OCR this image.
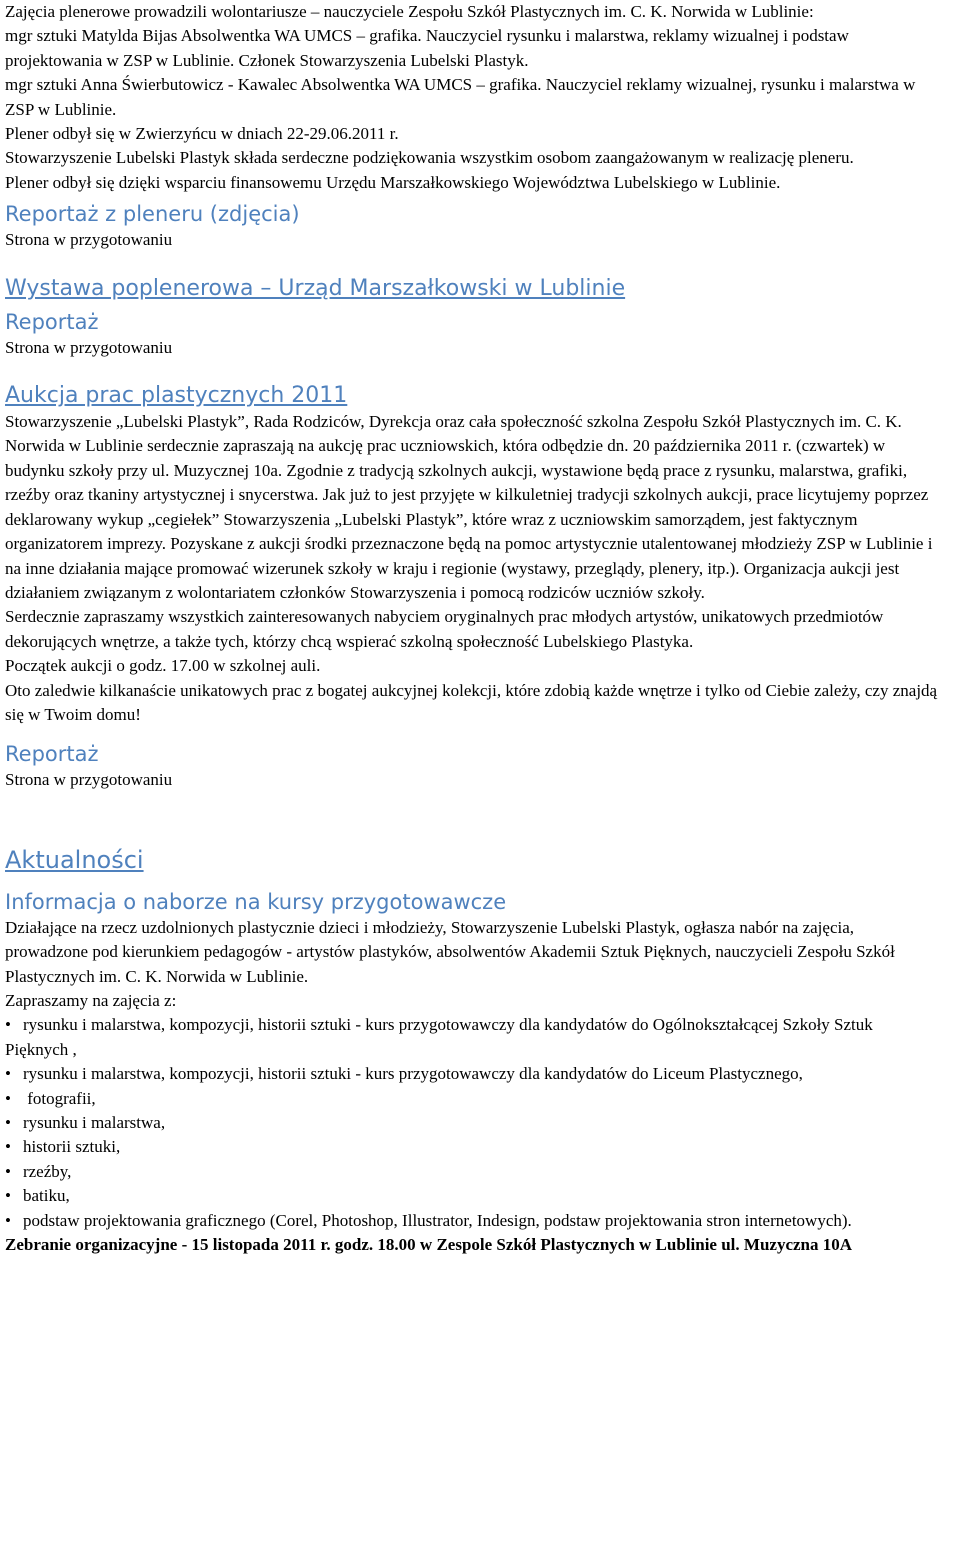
Zajęcia plenerowe prowadzili wolontariusze – nauczyciele Zespołu Szkół Plastycznych im. C. K. Norwida w Lublinie:

mgr sztuki Matylda Bijas Absolwentka WA UMCS – grafika. Nauczyciel rysunku i malarstwa, reklamy wizualnej i podstaw projektowania w ZSP w Lublinie. Członek Stowarzyszenia Lubelski Plastyk.

mgr sztuki Anna Świerbutowicz - Kawalec Absolwentka WA UMCS – grafika. Nauczyciel reklamy wizualnej, rysunku i malarstwa w ZSP w Lublinie.

Plener odbył się w Zwierzyńcu w dniach 22-29.06.2011 r.

Stowarzyszenie Lubelski Plastyk składa serdeczne podziękowania wszystkim osobom zaangażowanym w realizację pleneru.

Plener odbył się dzięki wsparciu finansowemu Urzędu Marszałkowskiego Województwa Lubelskiego w Lublinie.

Reportaż z pleneru (zdjęcia)

Strona w przygotowaniu

Wystawa poplenerowa – Urząd Marszałkowski w Lublinie
Reportaż

Strona w przygotowaniu

Aukcja prac plastycznych 2011

Stowarzyszenie „Lubelski Plastyk”, Rada Rodziców, Dyrekcja oraz cała społeczność szkolna Zespołu Szkół Plastycznych im. C. K. Norwida w Lublinie serdecznie zapraszają na aukcję prac uczniowskich, która odbędzie dn. 20 października 2011 r. (czwartek) w budynku szkoły przy ul. Muzycznej 10a. Zgodnie z tradycją szkolnych aukcji, wystawione będą prace z rysunku, malarstwa, grafiki, rzeźby oraz tkaniny artystycznej i snycerstwa. Jak już to jest przyjęte w kilkuletniej tradycji szkolnych aukcji, prace licytujemy poprzez deklarowany wykup „cegiełek” Stowarzyszenia „Lubelski Plastyk”, które wraz z uczniowskim samorządem, jest faktycznym organizatorem imprezy. Pozyskane z aukcji środki przeznaczone będą na pomoc artystycznie utalentowanej młodzieży ZSP w Lublinie i na inne działania mające promować wizerunek szkoły w kraju i regionie (wystawy, przeglądy, plenery, itp.). Organizacja aukcji jest działaniem związanym z wolontariatem członków Stowarzyszenia i pomocą rodziców uczniów szkoły.

Serdecznie zapraszamy wszystkich zainteresowanych nabyciem oryginalnych prac młodych artystów, unikatowych przedmiotów dekorujących wnętrze, a także tych, którzy chcą wspierać szkolną społeczność Lubelskiego Plastyka.

Początek aukcji o godz. 17.00 w szkolnej auli.

Oto zaledwie kilkanaście unikatowych prac z bogatej aukcyjnej kolekcji, które zdobią każde wnętrze i tylko od Ciebie zależy, czy znajdą się w Twoim domu!

Reportaż

Strona w przygotowaniu

Aktualności
Informacja o naborze na kursy przygotowawcze

Działające na rzecz uzdolnionych plastycznie dzieci i młodzieży, Stowarzyszenie Lubelski Plastyk, ogłasza nabór na zajęcia, prowadzone pod kierunkiem pedagogów - artystów plastyków, absolwentów Akademii Sztuk Pięknych, nauczycieli Zespołu Szkół Plastycznych im. C. K. Norwida w Lublinie.

Zapraszamy na zajęcia z:

• rysunku i malarstwa, kompozycji, historii sztuki - kurs przygotowawczy dla kandydatów do Ogólnokształcącej Szkoły Sztuk Pięknych ,
• rysunku i malarstwa, kompozycji, historii sztuki - kurs przygotowawczy dla kandydatów do Liceum Plastycznego,
• fotografii,
• rysunku i malarstwa,
• historii sztuki,
• rzeźby,
• batiku,
• podstaw projektowania graficznego (Corel, Photoshop, Illustrator, Indesign, podstaw projektowania stron internetowych).

Zebranie organizacyjne - 15 listopada 2011 r. godz. 18.00 w Zespole Szkół Plastycznych w Lublinie ul. Muzyczna 10A
